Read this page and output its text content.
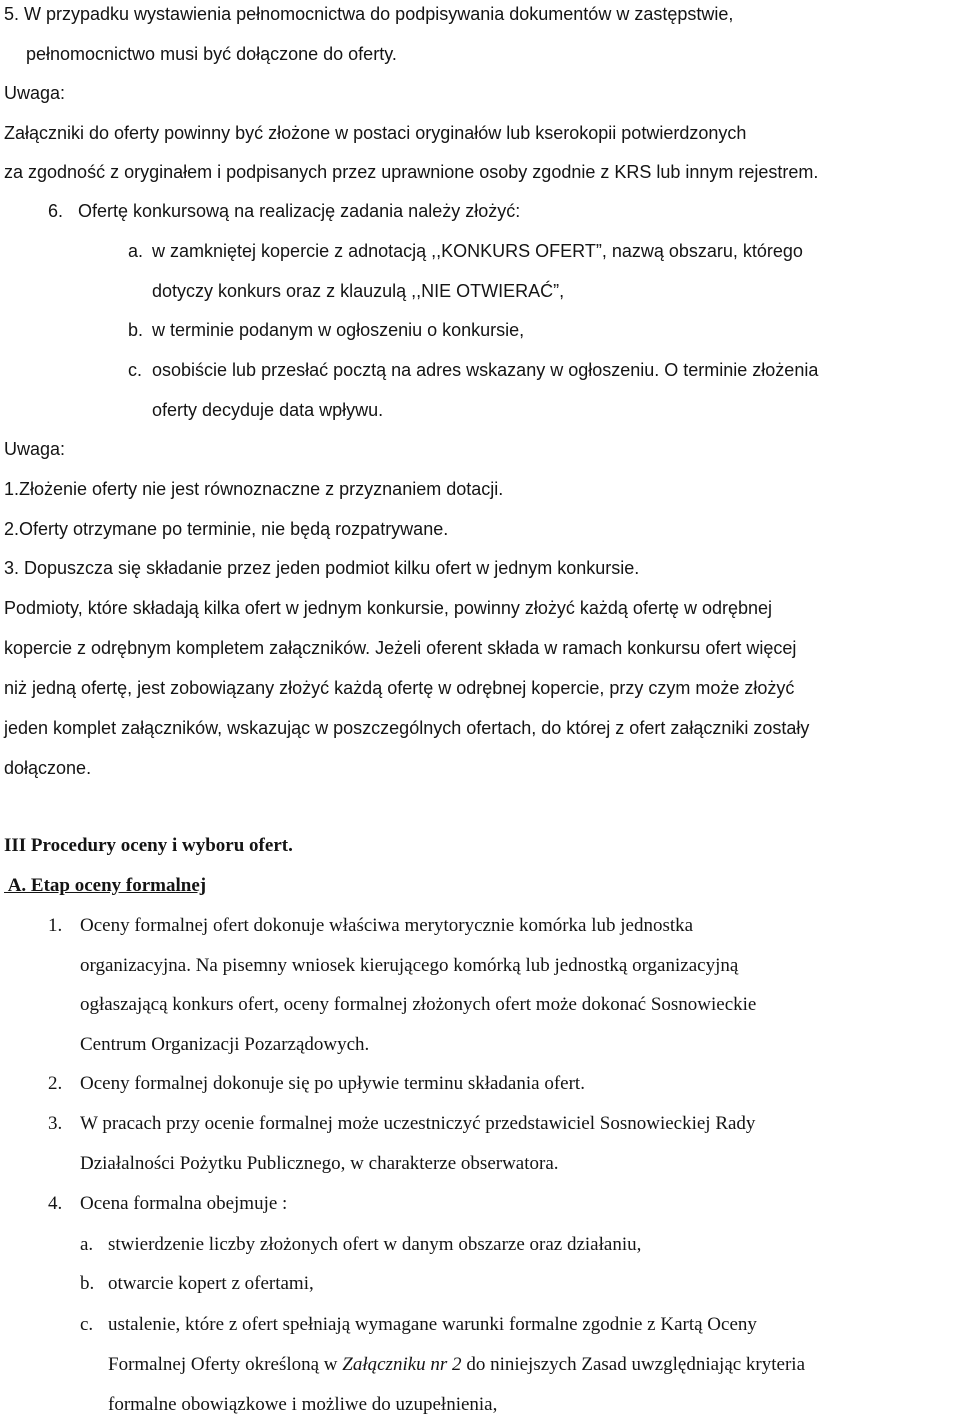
5. W przypadku wystawienia pełnomocnictwa do podpisywania dokumentów w zastępstwie,
pełnomocnictwo musi być dołączone do oferty.
Uwaga:
Załączniki do oferty powinny być złożone w postaci oryginałów lub kserokopii potwierdzonych
za zgodność z oryginałem i podpisanych przez uprawnione osoby zgodnie z KRS lub innym rejestrem.
6. Ofertę konkursową na realizację zadania należy złożyć:
a. w zamkniętej kopercie z adnotacją ,,KONKURS OFERT”, nazwą obszaru, którego
dotyczy konkurs oraz z klauzulą ,,NIE OTWIERAĆ”,
b. w terminie podanym w ogłoszeniu o konkursie,
c. osobiście lub przesłać pocztą na adres wskazany w ogłoszeniu. O terminie złożenia
oferty decyduje data wpływu.
Uwaga:
1.Złożenie oferty nie jest równoznaczne z przyznaniem dotacji.
2.Oferty otrzymane po terminie, nie będą rozpatrywane.
3. Dopuszcza się składanie przez jeden podmiot kilku ofert w jednym konkursie.
Podmioty, które składają kilka ofert w jednym konkursie, powinny złożyć każdą ofertę w odrębnej
kopercie z odrębnym kompletem załączników. Jeżeli oferent składa w ramach konkursu ofert więcej
niż jedną ofertę, jest zobowiązany złożyć każdą ofertę w odrębnej kopercie, przy czym może złożyć
jeden komplet załączników, wskazując w poszczególnych ofertach, do której z ofert załączniki zostały
dołączone.
III Procedury oceny i wyboru ofert.
A. Etap oceny formalnej
1. Oceny formalnej ofert dokonuje właściwa merytorycznie komórka lub jednostka
organizacyjna. Na pisemny wniosek kierującego komórką lub jednostką organizacyjną
ogłaszającą konkurs ofert, oceny formalnej złożonych ofert może dokonać Sosnowieckie
Centrum Organizacji Pozarządowych.
2. Oceny formalnej dokonuje się po upływie terminu składania ofert.
3. W pracach przy ocenie formalnej może uczestniczyć przedstawiciel Sosnowieckiej Rady
Działalności Pożytku Publicznego, w charakterze obserwatora.
4. Ocena formalna obejmuje :
a. stwierdzenie liczby złożonych ofert w danym obszarze oraz działaniu,
b. otwarcie kopert z ofertami,
c. ustalenie, które z ofert spełniają wymagane warunki formalne zgodnie z Kartą Oceny
Formalnej Oferty określoną w Załączniku nr 2 do niniejszych Zasad uwzględniając kryteria
formalne obowiązkowe i możliwe do uzupełnienia,
